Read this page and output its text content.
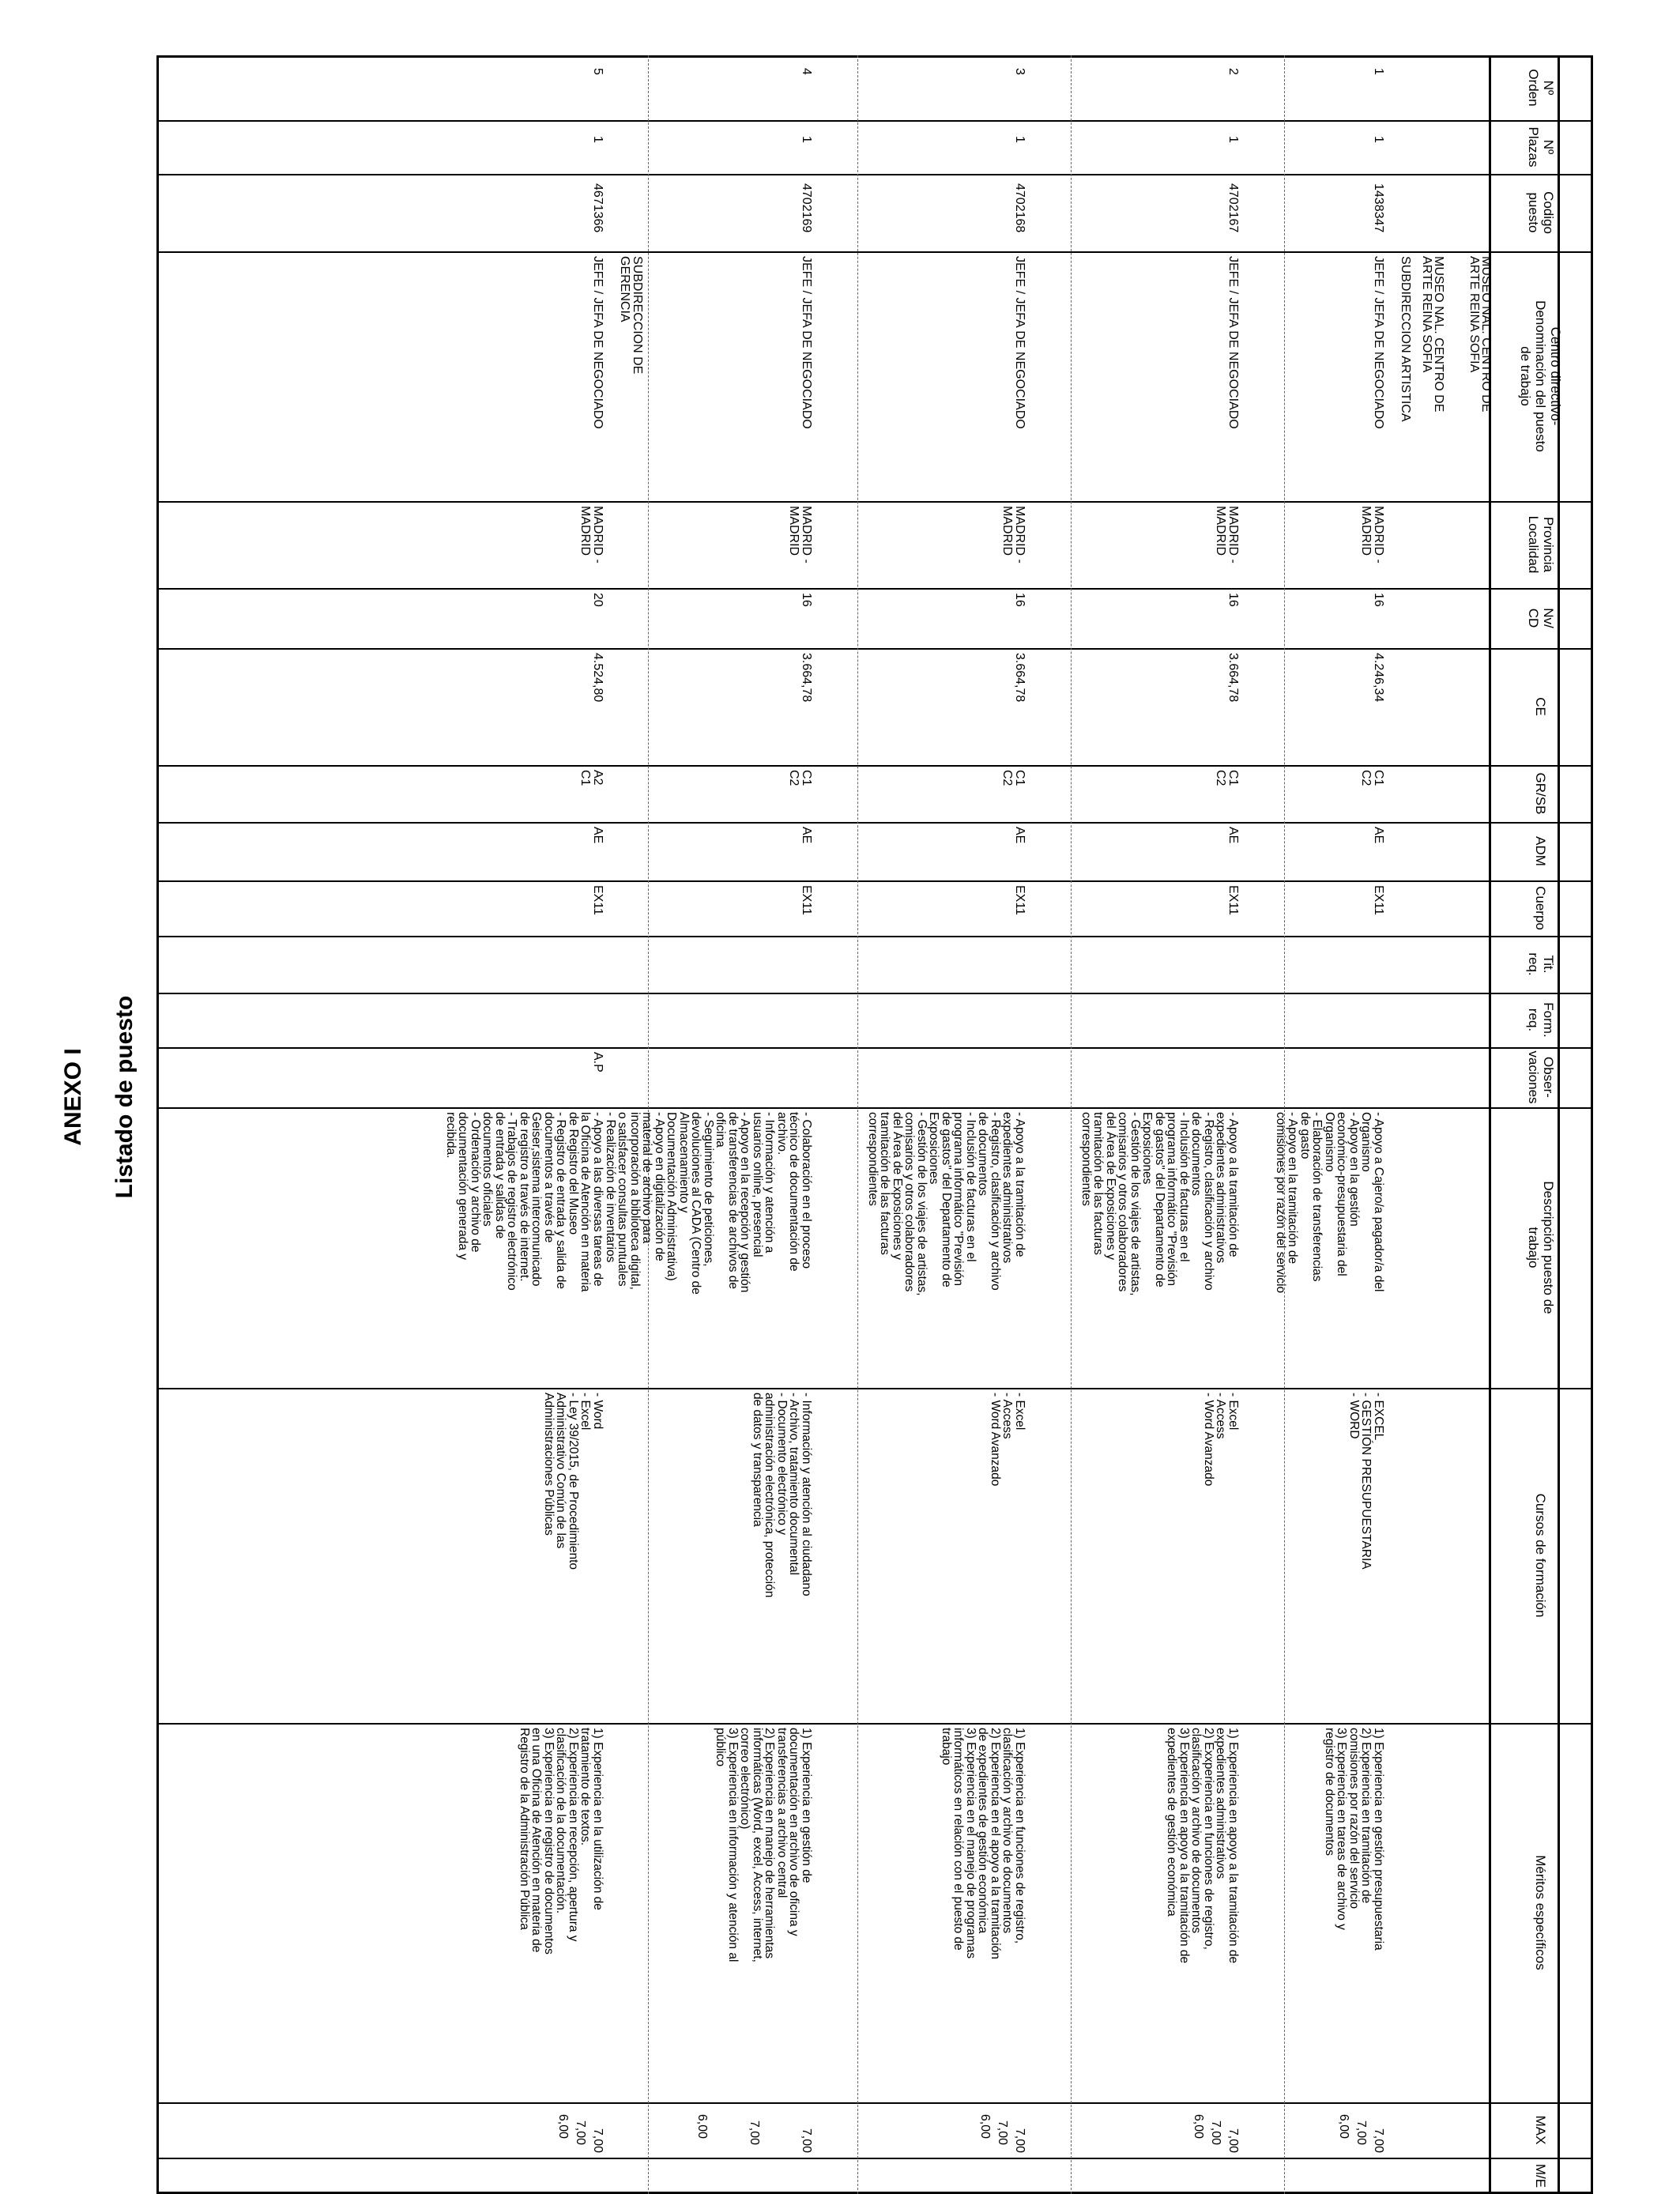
ANEXO I Listado de puesto
Nº
Orden
Nº
Plazas
Codigo
puesto
Centro directivo-
Denominación del puesto
de trabajo
Provincia
Localidad
Nv/
CD
CE
GR/SB
ADM
Cuerpo
Tit.
req.
Form.
req.
Obser-
vaciones
Descripción puesto de
trabajo
Cursos de formación
Méritos específicos
MAX
M/E
MUSEO NAL. CENTRO DE
ARTE REINA SOFIA
MUSEO NAL. CENTRO DE
ARTE REINA SOFIA
SUBDIRECCION ARTISTICA
SUBDIRECCION DE
GERENCIA
1
1
1438347
JEFE / JEFA DE NEGOCIADO
MADRID -
MADRID
16
4.246,34
C1
C2
AE
EX11
- Apoyo a Cajero/a pagador/a del
Organismo
- Apoyo en la gestión
económico-presupuestaria del
Organismo
- Elaboración de transferencias
de gasto
- Apoyo en la tramitación de
comisiones por razón del servicio
- EXCEL
- GESTIÓN PRESUPUESTARIA
- WORD
1) Experiencia en gestión presupuestaria
2) Experiencia en tramitación de
comisiones por razón del servicio
3) Experiencia en tareas de archivo y
registro de documentos
7,00
7,00
6,00
2
1
4702167
JEFE / JEFA DE NEGOCIADO
MADRID -
MADRID
16
3.664,78
C1
C2
AE
EX11
- Apoyo a la tramitación de
expedientes administrativos
- Registro, clasificación y archivo
de documentos
- Inclusión de facturas en el
programa informático "Previsión
de gastos" del Departamento de
Exposiciones
- Gestión de los viajes de artistas,
comisarios y otros colaboradores
del Área de Exposiciones y
tramitación de las facturas
correspondientes
- Excel
- Access
- Word Avanzado
1) Experiencia en apoyo a la tramitación de
expedientes administrativos
2) Exxperiencia en funciones de registro,
clasificación y archivo de documentos
3) Experiencia en apoyo a la tramitación de
expedientes de gestión económica
7,00
7,00
6,00
3
1
4702168
JEFE / JEFA DE NEGOCIADO
MADRID -
MADRID
16
3.664,78
C1
C2
AE
EX11
- Apoyo a la tramitación de
expedientes administrativos
- Registro, clasificación y archivo
de documentos
- Inclusión de facturas en el
programa informático "Previsión
de gastos" del Departamento de
Exposiciones
- Gestión de los viajes de artistas,
comisarios y otros colaboradores
del Área de Exposiciones y
tramitación de las facturas
correspondientes
- Excel
- Access
- Word Avanzado
1) Experiencia en funciones de registro,
clasificación y archivo de documentos
2) Experiencia en el apoyo a la tramitación
de expedientes de gestión económica
3) Experiencia en el manejo de programas
informáticos en relación con el puesto de
trabajo
7,00
7,00
6,00
4
1
4702169
JEFE / JEFA DE NEGOCIADO
MADRID -
MADRID
16
3.664,78
C1
C2
AE
EX11
- Colaboración en el proceso
técnico de documentación de
archivo.
- Información y atención a
usuarios online, presencial
- Apoyo en la recepción y gestión
de transferencias de archivos de
oficina
- Seguimiento de peticiones,
devoluciones al CADA (Centro de
Almacenamiento y
Documentación Administrativa)
- Apoyo en digitalización de
material de archivo para
incorporación a biblioteca digital,
o satisfacer consultas puntuales
- Realización de inventarios
- Información y atención al ciudadano
- Archivo, tratamiento documental
- Documento electrónico y
administración electrónica, protección
de datos y transparencia
1) Experiencia en gestión de
documentación en archivo de oficina y
transferencias a archivo central
2) Experiencia en manejo de herramientas
informáticas (Word, excel, Access, internet,
correo electrónico)
3) Experiencia en información y atención al
público
7,00
7,00
6,00
5
1
4671366
JEFE / JEFA DE NEGOCIADO
MADRID -
MADRID
20
4.524,80
A2
C1
AE
EX11
A.P
- Apoyo a las diversas tareas de
la Oficina de Atención en materia
de Registro del Museo
- Registro de entrada y salida de
documentos a través de
Geiser,sistema intercomunicado
de registro a través de internet.
- Trabajos de registro electrónico
de entrada y salidas de
documentos oficiales
- Ordenación y archivo de
documentación generada y
recibida.
- Word
- Excel
- Ley 39/2015, de Procedimiento
Administrativo Común de las
Administraciones Públicas
1) Experiencia en la utilización de
tratamiento de textos.
2) Experiencia en recepción, apertura y
clasificación de la documentación.
3) Experiencia en registro de documentos
en una Oficina de Atención en materia de
Registro de la Administración Pública
7,00
7,00
6,00
